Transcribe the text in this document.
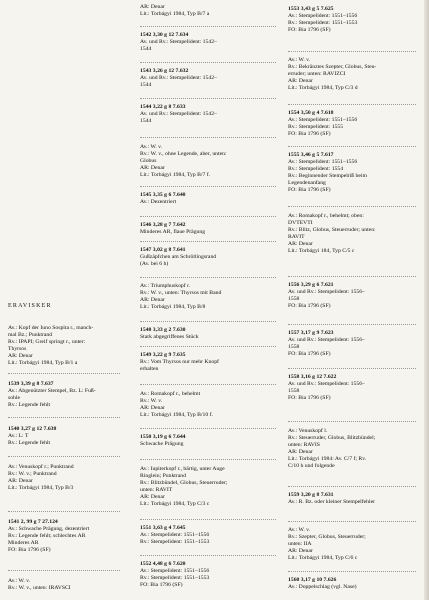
ERAVISKER
Av.: Kopf der Iuno Sospita r., manch-
mal Bz.; Punktrand
Rv.: IPAPI; Greif springt r., unter:
Thyrsos
AR: Denar
Lit.: Torbágyi 1984, Typ B/1 a
1539 3,39 g 8 7.637
Av.: Abgenützter Stempel, Bz. L: Fuß-
sohle
Rv.: Legende fehlt
1540 3,27 g 12 7.638
Av.: L: T
Rv.: Legende fehlt
Av.: Venuskopf r.; Punktrand
Rv.: W. v.; Punktrand
AR: Denar
Lit.: Torbágyi 1984, Typ B/3
1541 2, 99 g 7 27.124
Av.: Schwache Prägung, dezentriert
Rv.: Legende fehlt; schlechtes AR
Minderes AR
FO: Bia 1796 (SF)
Av.: W. v.
Rv.: W. v., unten: IRAVSCI
AR: Denar
Lit.: Torbágyi 1984, Typ B/7 a
1542 3,30 g 12 7.634
Av. und Rv.: Stempelident: 1542–
1544
1543 3,26 g 12 7.632
Av. und Rv.: Stempelident: 1542–
1544
1544 3,22 g 8 7.633
Av. und Rv.: Stempelident: 1542–
1544
Av.: W. v.
Rv.: W. v., ohne Legende, aber, unten:
Globus
AR: Denar
Lit.: Torbágyi 1984, Typ B/7 f.
1545 3,35 g 6 7.640
Av.: Dezentriert
1546 3,28 g 7 7.642
Minderes AR, flaue Prägung
1547 3,02 g 8 7.641
Gußzäpfchen am Schrötlingsrand
(Av. bei 6 h)
Av.: Triumphuskopf r.
Rv.: W. v., unten: Thyrsos mit Band
AR: Denar
Lit.: Torbágyi 1984, Typ B/8
1548 3,33 g 2 7.630
Stark abgegriffenes Stück
1549 3,22 g 9 7.635
Rv.: Vom Thyrsos nur mehr Knopf
erhalten
Av.: Romakopf r., behelmt
Rv.: W. v.
AR: Denar
Lit.: Torbágyi 1984, Typ B/10 f.
1550 3,19 g 6 7.644
Schwache Prägung
Av.: Iupiterkopf r., bärtig, unter Auge
Ringlein; Punktrand
Rv.: Blitzbündel, Globus, Steuerruder;
unten: RAVIT
AR: Denar
Lit.: Torbágyi 1984, Typ C/3 c
1551 3,63 g 4 7.645
Av.: Stempelident: 1551–1556
Rv.: Stempelident: 1551–1553
1552 4,48 g 6 7.620
Av.: Stempelident: 1551–1556
Rv.: Stempelident: 1551–1553
FO: Bia 1796 (SF)
1553 3,43 g 5 7.625
Av.: Stempelident: 1551–1556
Rv.: Stempelident: 1551–1553
FO: Bia 1796 (SF)
Av.: W. v.
Rv.: Bekränztes Szepter, Globus, Steu-
erruder; unten: RAVIZCI
AR: Denar
Lit.: Torbágyi 1984, Typ C/3 d
1554 3,50 g 4 7.618
Av.: Stempelident: 1551–1556
Rv.: Stempelident: 1555
FO: Bia 1796 (SF)
1555 3,46 g 5 7.617
Av.: Stempelident: 1551–1556
Rv.: Stempelident: 1554
Rv.: Beginnender Stempelriß beim
Legendenanfang
FO: Bia 1796 (SF)
Av.: Romakopf r., behelmt; oben:
DVTEVTI
Rv.: Blitz, Globus, Steuerruder; unten:
RAVIT
AR: Denar
Lit.: Torbágyi 184, Typ C/5 c
1556 3,29 g 6 7.621
Av. und Rv.: Stempelident: 1556–
1558
FO: Bia 1796 (SF)
1557 3,17 g 9 7.623
Av. und Rv.: Stempelident: 1556–
1558
FO: Bia 1796 (SF)
1558 3,16 g 12 7.622
Av. und Rv.: Stempelident: 1556–
1558
FO: Bia 1796 (SF)
Av.: Venuskopf l.
Rv.: Steuerruder, Globus, Blitzbündel;
unten: RAVIS
AR: Denar
Lit.: Torbágyi 1984: Av. C/7 f; Rv.
C/10 h und folgende
1559 3,20 g 8 7.631
Av.: R. Bz. oder kleiner Stempelfehler
Av.: W. v.
Rv.: Szepter, Globus, Steuerruder;
unten: IIA
AR: Denar
Lit.: Torbágyi 1984, Typ C/6 c
1560 3,17 g 10 7.626
Av.: Doppelschlag (vgl. Nase)
